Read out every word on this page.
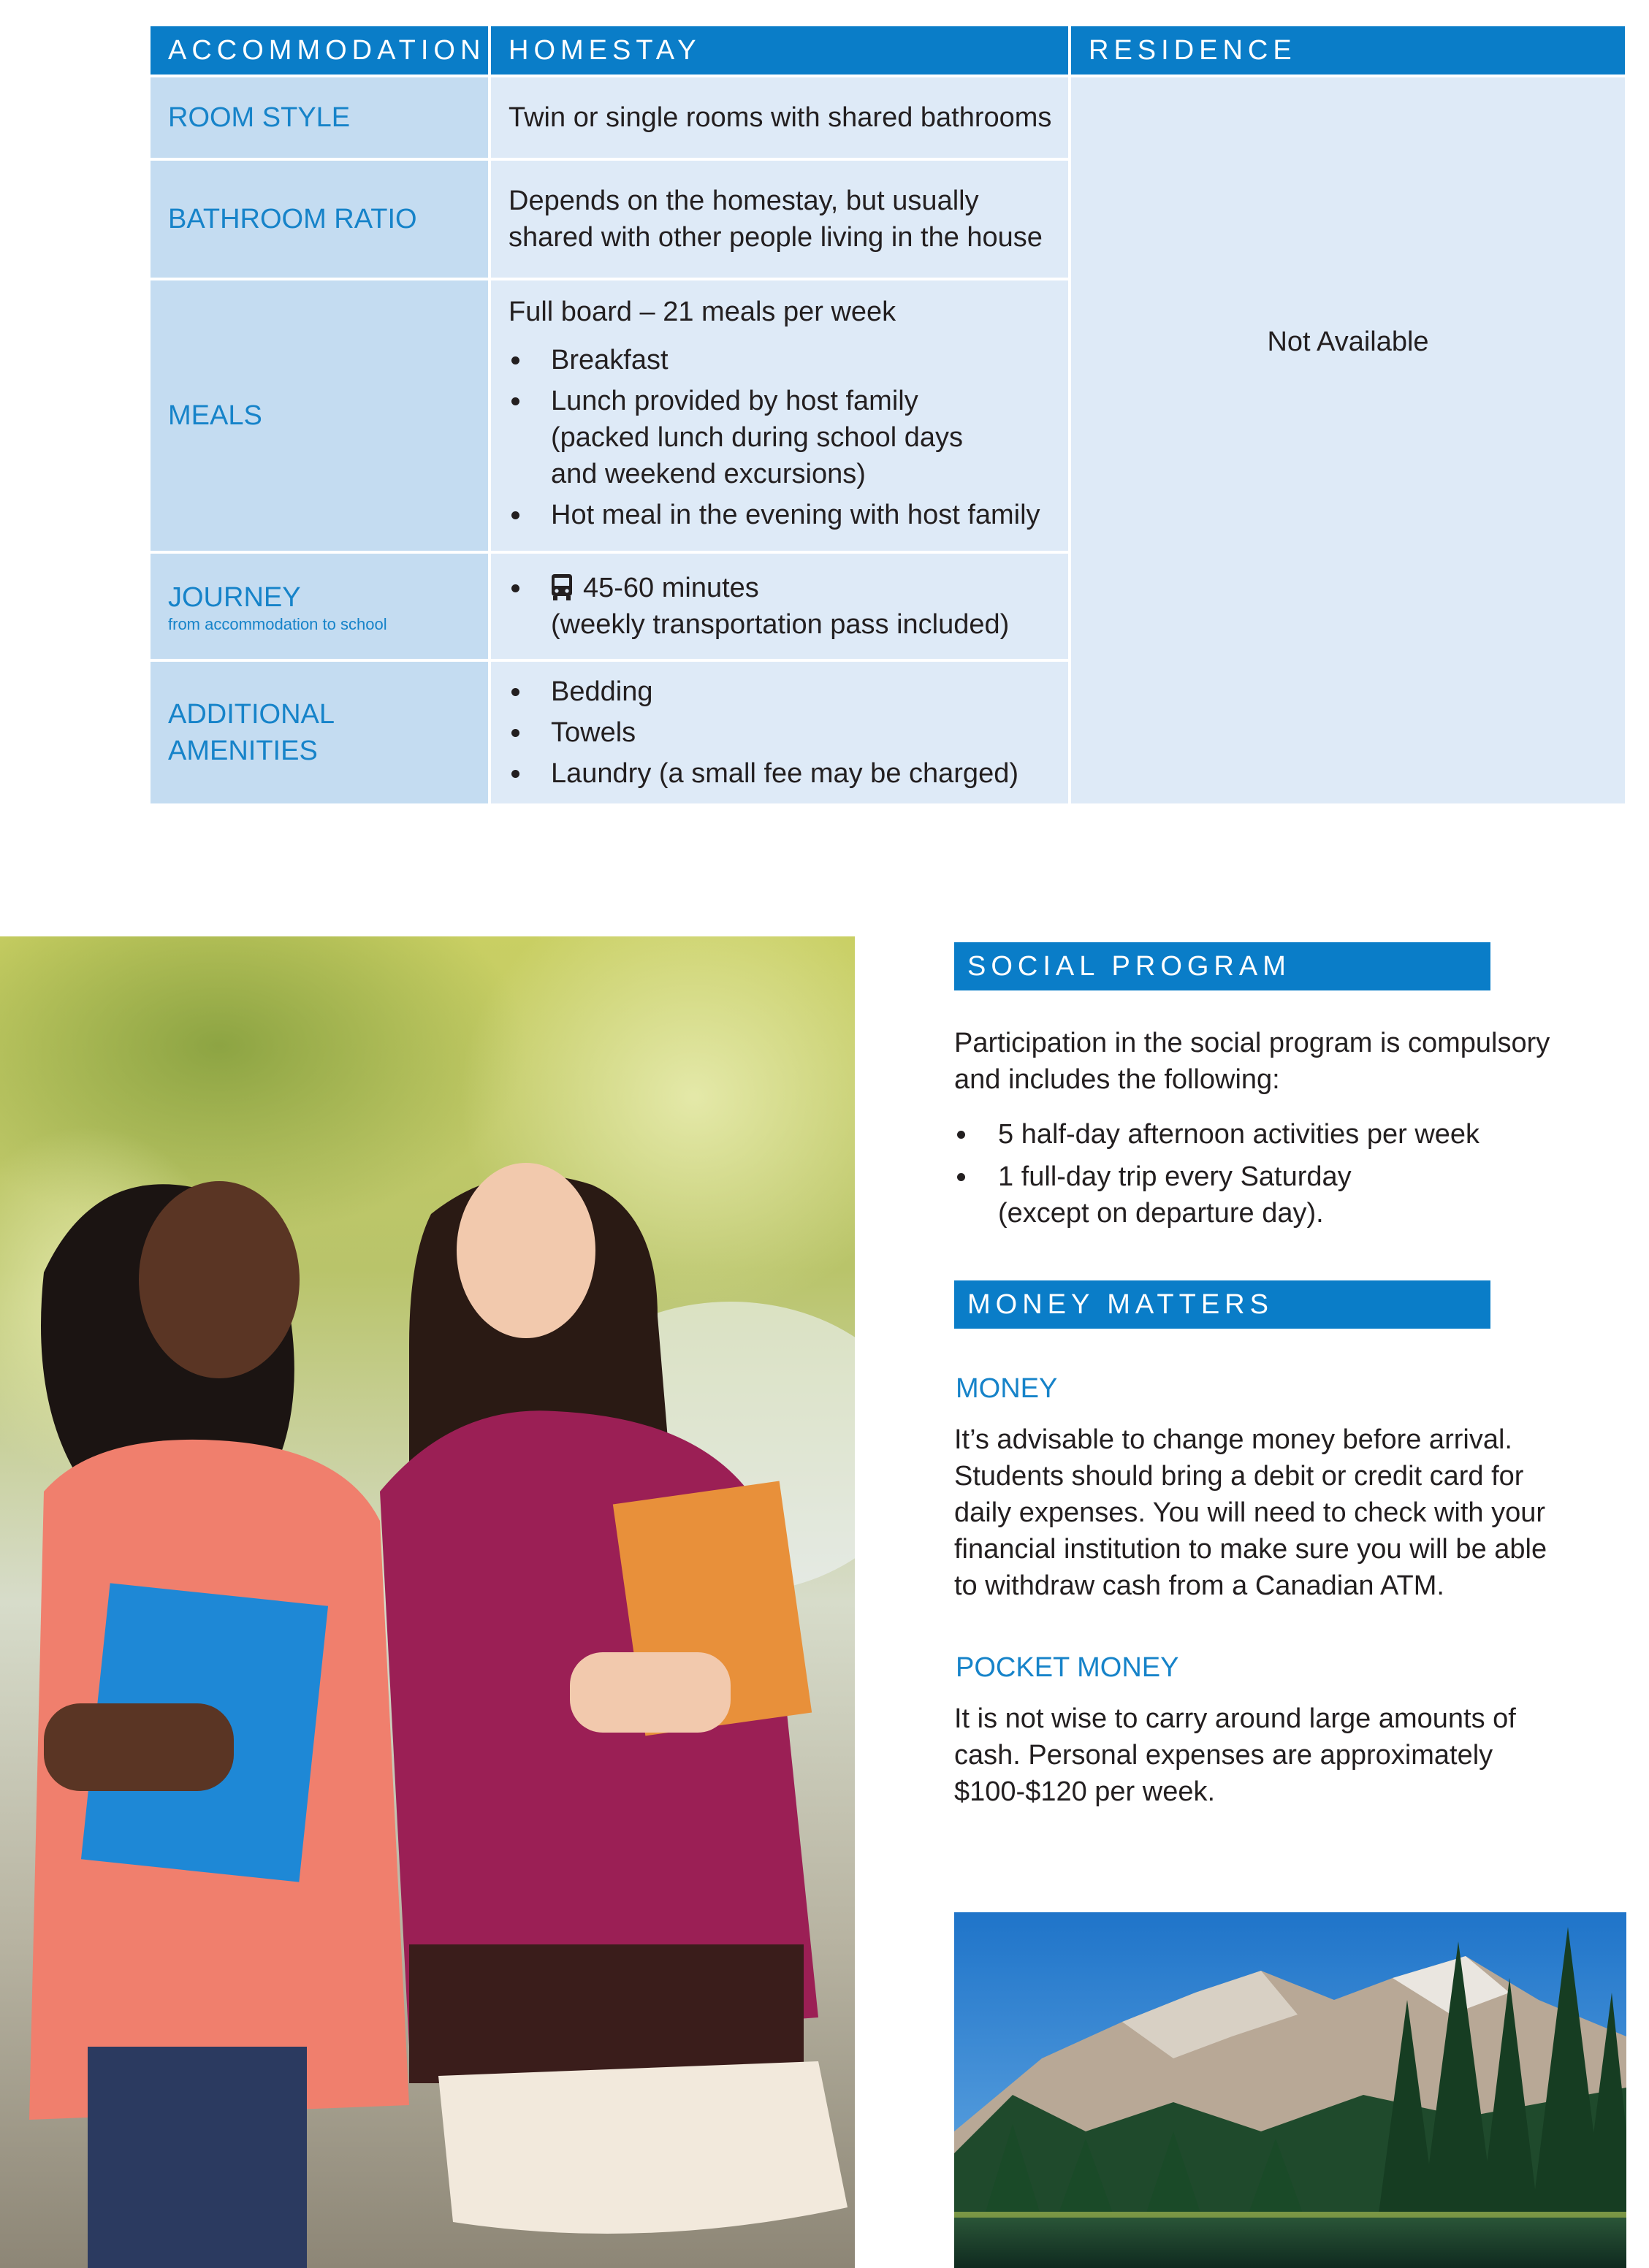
ACCOMMODATION HOMESTAY	RESIDENCE
ROOM STYLE	Twin or single rooms with shared bathrooms
BATHROOM RATIO
Depends on the homestay, but usually
shared with other people living in the house
MEALS
Full board – 21 meals per week
Breakfast
Lunch provided by host family
(packed lunch during school days
and weekend excursions)
Hot meal in the evening with host family
JOURNEY
from accommodation to school
45-60 minutes
(weekly transportation pass included)
ADDITIONAL
AMENITIES
Bedding
Towels
Laundry (a small fee may be charged)
Not Available
SOCIAL PROGRAM
Participation in the social program is compulsory
and includes the following:
5 half-day afternoon activities per week
1 full-day trip every Saturday
(except on departure day).
MONEY MATTERS
MONEY
It’s advisable to change money before arrival.
Students should bring a debit or credit card for
daily expenses. You will need to check with your
financial institution to make sure you will be able
to withdraw cash from a Canadian ATM.
POCKET MONEY
It is not wise to carry around large amounts of
cash. Personal expenses are approximately
$100-$120 per week.
